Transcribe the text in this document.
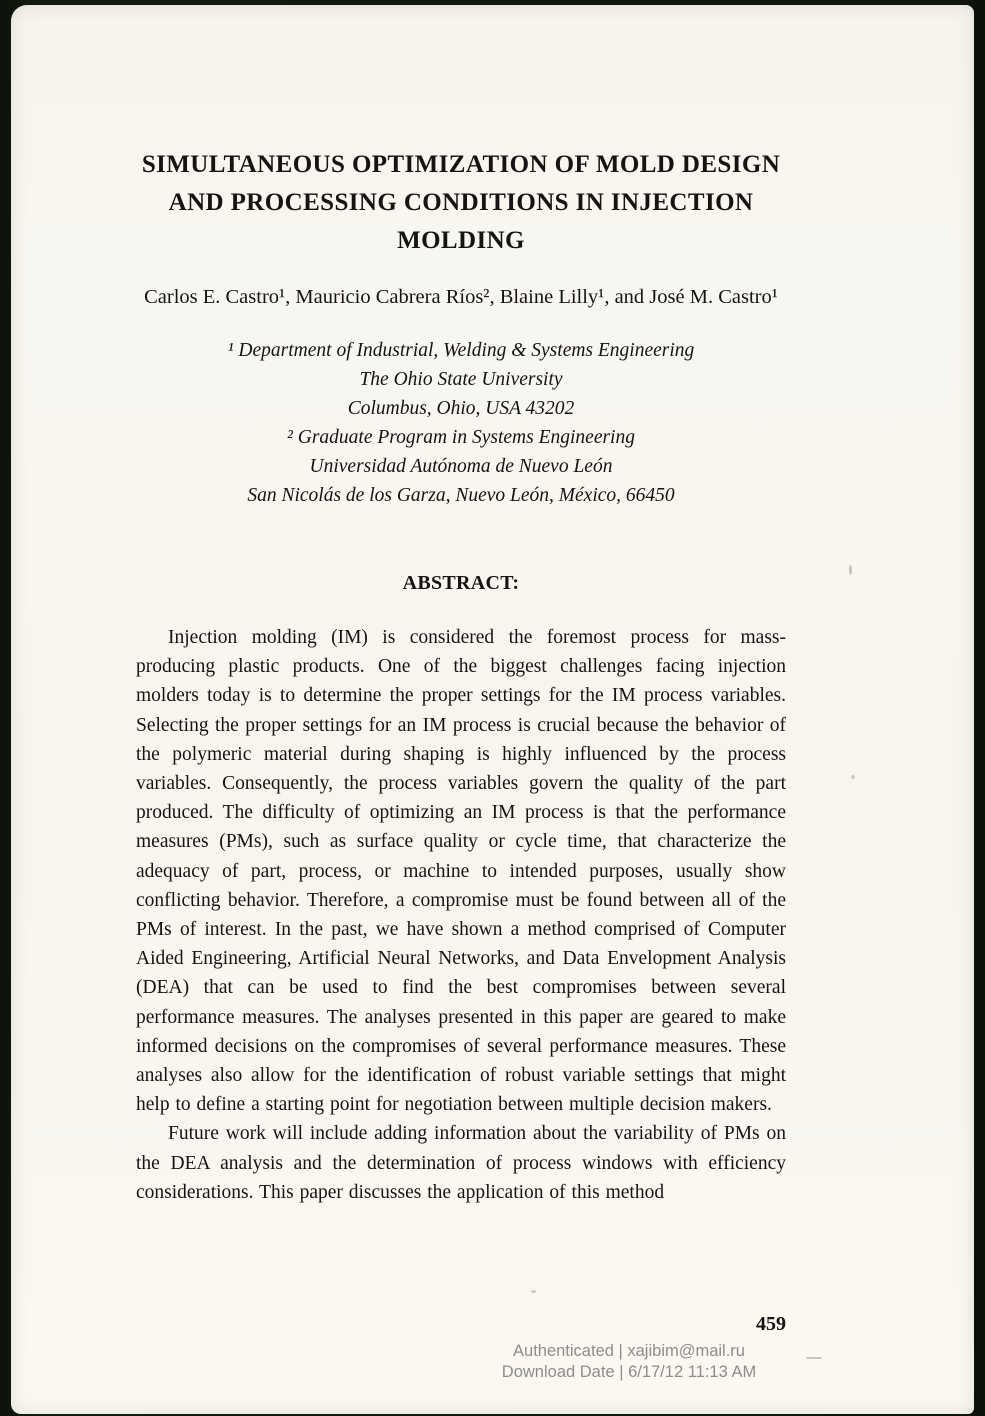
SIMULTANEOUS OPTIMIZATION OF MOLD DESIGN
AND PROCESSING CONDITIONS IN INJECTION
MOLDING

Carlos E. Castro¹, Mauricio Cabrera Ríos², Blaine Lilly¹, and José M. Castro¹

¹ Department of Industrial, Welding & Systems Engineering
The Ohio State University
Columbus, Ohio, USA 43202
² Graduate Program in Systems Engineering
Universidad Autónoma de Nuevo León
San Nicolás de los Garza, Nuevo León, México, 66450
ABSTRACT:

Injection molding (IM) is considered the foremost process for mass-producing plastic products. One of the biggest challenges facing injection molders today is to determine the proper settings for the IM process variables. Selecting the proper settings for an IM process is crucial because the behavior of the polymeric material during shaping is highly influenced by the process variables. Consequently, the process variables govern the quality of the part produced. The difficulty of optimizing an IM process is that the performance measures (PMs), such as surface quality or cycle time, that characterize the adequacy of part, process, or machine to intended purposes, usually show conflicting behavior. Therefore, a compromise must be found between all of the PMs of interest. In the past, we have shown a method comprised of Computer Aided Engineering, Artificial Neural Networks, and Data Envelopment Analysis (DEA) that can be used to find the best compromises between several performance measures. The analyses presented in this paper are geared to make informed decisions on the compromises of several performance measures. These analyses also allow for the identification of robust variable settings that might help to define a starting point for negotiation between multiple decision makers.

Future work will include adding information about the variability of PMs on the DEA analysis and the determination of process windows with efficiency considerations. This paper discusses the application of this method

459
Authenticated | xajibim@mail.ru
Download Date | 6/17/12 11:13 AM
